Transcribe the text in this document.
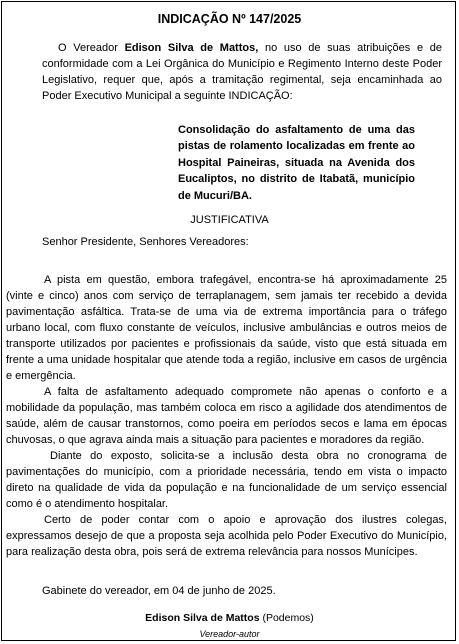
INDICAÇÃO Nº 147/2025

O Vereador Edison Silva de Mattos, no uso de suas atribuições e de conformidade com a Lei Orgânica do Município e Regimento Interno deste Poder Legislativo, requer que, após a tramitação regimental, seja encaminhada ao Poder Executivo Municipal a seguinte INDICAÇÃO:

Consolidação do asfaltamento de uma das pistas de rolamento localizadas em frente ao Hospital Paineiras, situada na Avenida dos Eucaliptos, no distrito de Itabatã, município de Mucuri/BA.

JUSTIFICATIVA

Senhor Presidente, Senhores Vereadores:

A pista em questão, embora trafegável, encontra-se há aproximadamente 25 (vinte e cinco) anos com serviço de terraplanagem, sem jamais ter recebido a devida pavimentação asfáltica. Trata-se de uma via de extrema importância para o tráfego urbano local, com fluxo constante de veículos, inclusive ambulâncias e outros meios de transporte utilizados por pacientes e profissionais da saúde, visto que está situada em frente a uma unidade hospitalar que atende toda a região, inclusive em casos de urgência e emergência.

A falta de asfaltamento adequado compromete não apenas o conforto e a mobilidade da população, mas também coloca em risco a agilidade dos atendimentos de saúde, além de causar transtornos, como poeira em períodos secos e lama em épocas chuvosas, o que agrava ainda mais a situação para pacientes e moradores da região.

Diante do exposto, solicita-se a inclusão desta obra no cronograma de pavimentações do município, com a prioridade necessária, tendo em vista o impacto direto na qualidade de vida da população e na funcionalidade de um serviço essencial como é o atendimento hospitalar.

Certo de poder contar com o apoio e aprovação dos ilustres colegas, expressamos desejo de que a proposta seja acolhida pelo Poder Executivo do Município, para realização desta obra, pois será de extrema relevância para nossos Munícipes.

Gabinete do vereador, em 04 de junho de 2025.

Edison Silva de Mattos (Podemos)
Vereador-autor
